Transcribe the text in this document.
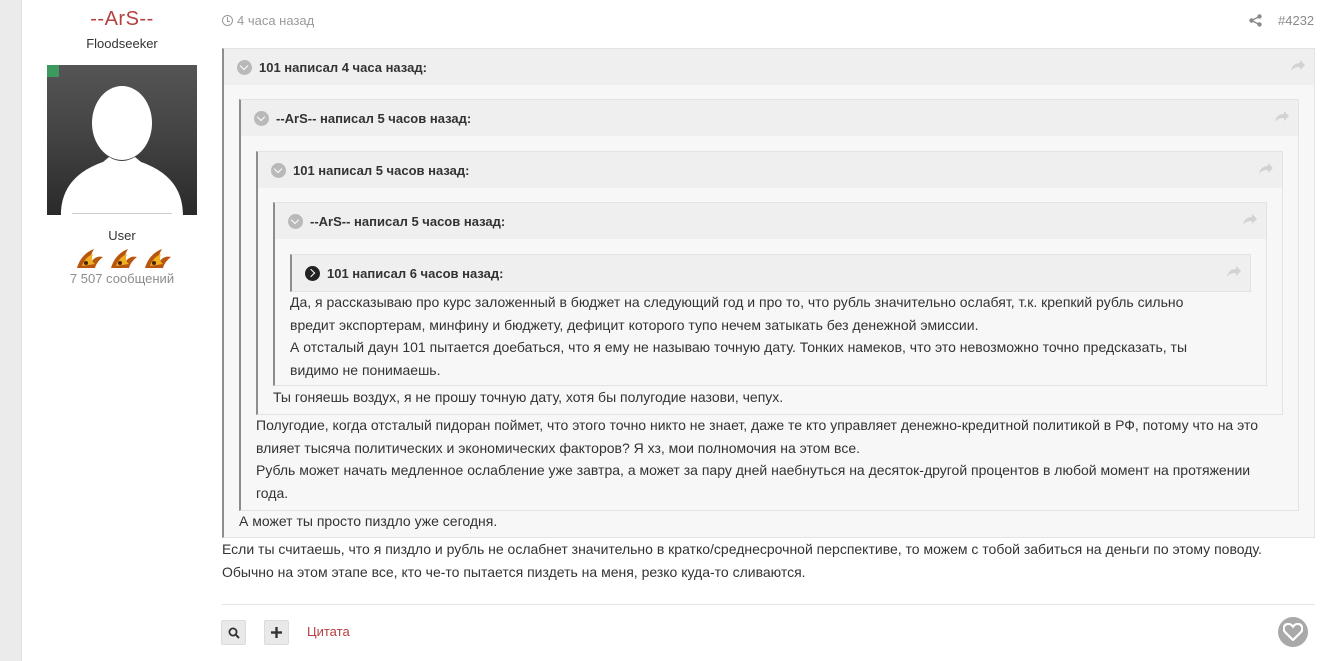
--ArS--
Floodseeker
User
7 507 сообщений
4 часа назад	#4232
101 написал 4 часа назад:
--ArS-- написал 5 часов назад:
101 написал 5 часов назад:
--ArS-- написал 5 часов назад:
101 написал 6 часов назад:

Да, я рассказываю про курс заложенный в бюджет на следующий год и про то, что рубль значительно ослабят, т.к. крепкий рубль сильно

вредит экспортерам, минфину и бюджету, дефицит которого тупо нечем затыкать без денежной эмиссии.

А отсталый даун 101 пытается доебаться, что я ему не называю точную дату. Тонких намеков, что это невозможно точно предсказать, ты

видимо не понимаешь.

Ты гоняешь воздух, я не прошу точную дату, хотя бы полугодие назови, чепух.

Полугодие, когда отсталый пидоран поймет, что этого точно никто не знает, даже те кто управляет денежно-кредитной политикой в РФ, потому что на это

влияет тысяча политических и экономических факторов? Я хз, мои полномочия на этом все.

Рубль может начать медленное ослабление уже завтра, а может за пару дней наебнуться на десяток-другой процентов в любой момент на протяжении

года.

А может ты просто пиздло уже сегодня.

Если ты считаешь, что я пиздло и рубль не ослабнет значительно в кратко/среднесрочной перспективе, то можем с тобой забиться на деньги по этому поводу.

Обычно на этом этапе все, кто че-то пытается пиздеть на меня, резко куда-то сливаются.

Цитата
